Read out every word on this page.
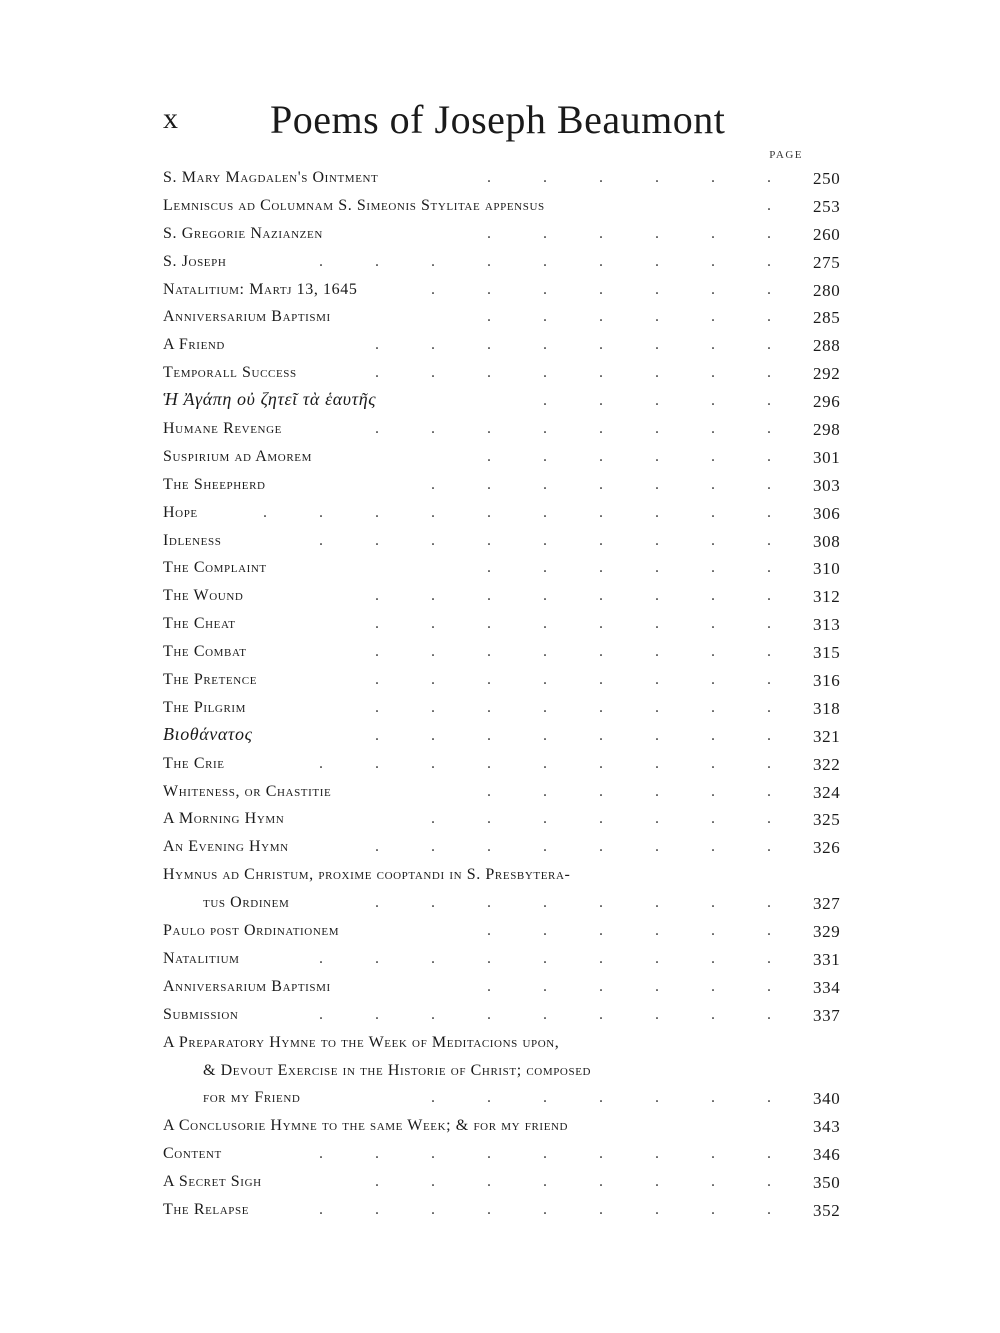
x Poems of Joseph Beaumont
PAGE
S. Mary Magdalen's Ointment	. . . . . . 250
Lemniscus ad Columnam S. Simeonis Stylitae appensus	. 253
S. Gregorie Nazianzen	. . . . . . 260
S. Joseph	. . . . . . . . . 275
Natalitium: Martj 13, 1645	. . . . . . . 280
Anniversarium Baptismi	. . . . . . 285
A Friend	. . . . . . . . 288
Temporall Success	. . . . . . . . 292
Ἡ Ἀγάπη οὐ ζητεῖ τὰ ἑαυτῆς	. . . . . 296
Humane Revenge	. . . . . . . . 298
Suspirium ad Amorem	. . . . . . 301
The Sheepherd	. . . . . . . 303
Hope	. . . . . . . . . . 306
Idleness	. . . . . . . . . 308
The Complaint	. . . . . . 310
The Wound	. . . . . . . . 312
The Cheat	. . . . . . . . 313
The Combat	. . . . . . . . 315
The Pretence	. . . . . . . . 316
The Pilgrim	. . . . . . . . 318
Βιοθάνατος	. . . . . . . . 321
The Crie	. . . . . . . . . 322
Whiteness, or Chastitie	. . . . . . 324
A Morning Hymn	. . . . . . . 325
An Evening Hymn	. . . . . . . . 326
Hymnus ad Christum, proxime cooptandi in S. Presbytera-
tus Ordinem	. . . . . . . . 327
Paulo post Ordinationem	. . . . . . 329
Natalitium	. . . . . . . . . 331
Anniversarium Baptismi	. . . . . . 334
Submission	. . . . . . . . . 337
A Preparatory Hymne to the Week of Meditacions upon,
& Devout Exercise in the Historie of Christ; composed
for my Friend	. . . . . . . 340
A Conclusorie Hymne to the same Week; & for my friend	343
Content	. . . . . . . . . 346
A Secret Sigh	. . . . . . . . 350
The Relapse	. . . . . . . . . 352
